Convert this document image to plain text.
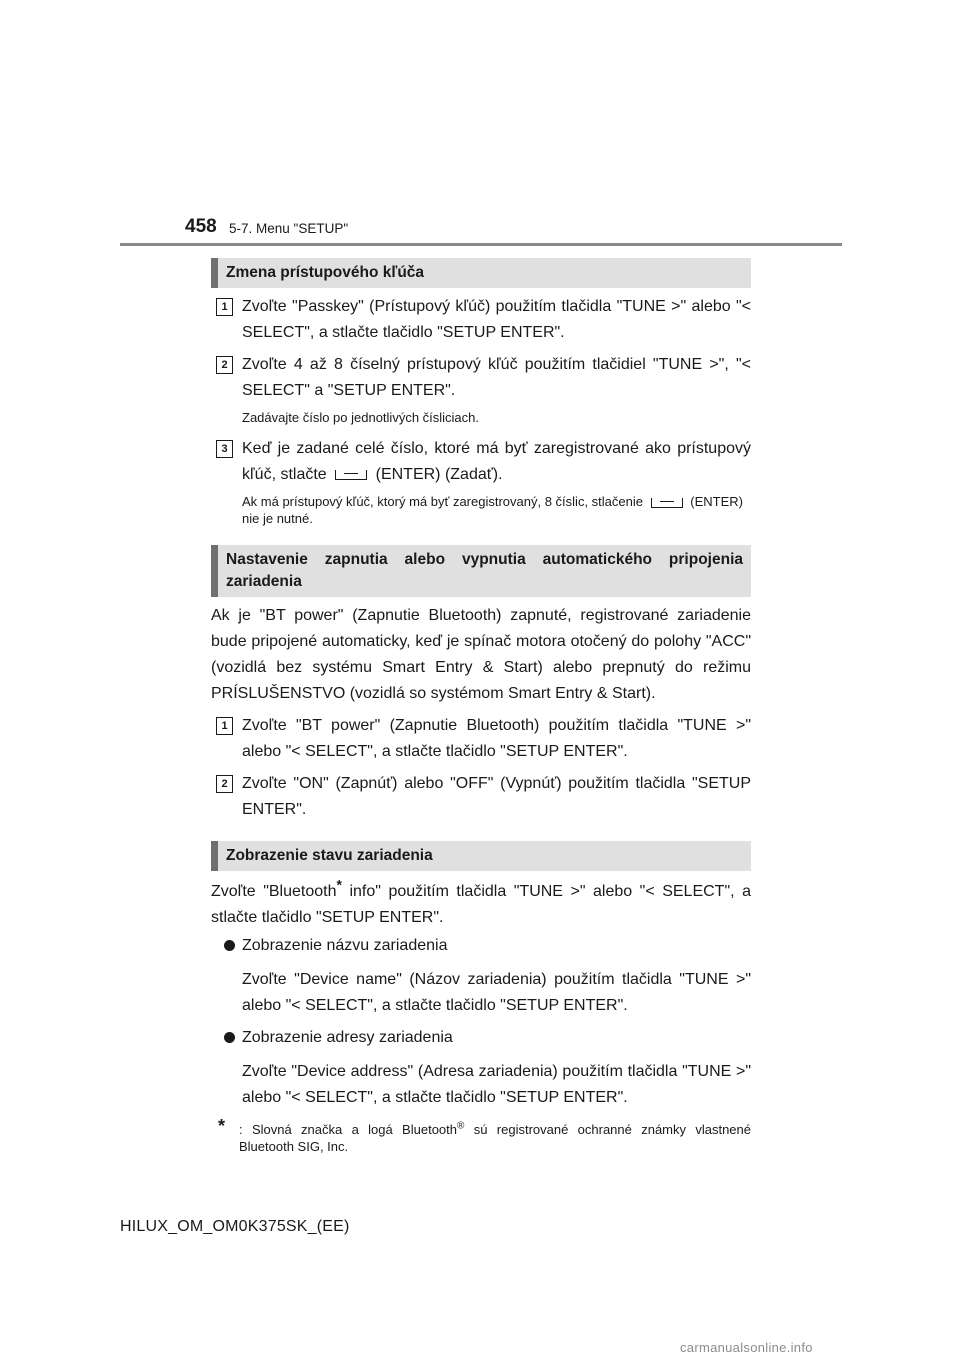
458 5-7. Menu "SETUP"
Zmena prístupového kľúča
1 Zvoľte "Passkey" (Prístupový kľúč) použitím tlačidla "TUNE >" alebo "< SELECT", a stlačte tlačidlo "SETUP ENTER".
2 Zvoľte 4 až 8 číselný prístupový kľúč použitím tlačidiel "TUNE >", "< SELECT" a "SETUP ENTER".
Zadávajte číslo po jednotlivých čísliciach.
3 Keď je zadané celé číslo, ktoré má byť zaregistrované ako prístupový kľúč, stlačte	(ENTER) (Zadať).
Ak má prístupový kľúč, ktorý má byť zaregistrovaný, 8 číslic, stlačenie	(ENTER) nie je nutné.
Nastavenie zapnutia alebo vypnutia automatického pripojenia zariadenia
Ak je "BT power" (Zapnutie Bluetooth) zapnuté, registrované zariadenie bude pripojené automaticky, keď je spínač motora otočený do polohy "ACC" (vozidlá bez systému Smart Entry & Start) alebo prepnutý do režimu PRÍSLUŠENSTVO (vozidlá so systémom Smart Entry & Start).
1 Zvoľte "BT power" (Zapnutie Bluetooth) použitím tlačidla "TUNE >" alebo "< SELECT", a stlačte tlačidlo "SETUP ENTER".
2 Zvoľte "ON" (Zapnúť) alebo "OFF" (Vypnúť) použitím tlačidla "SETUP ENTER".
Zobrazenie stavu zariadenia
Zvoľte "Bluetooth* info" použitím tlačidla "TUNE >" alebo "< SELECT", a stlačte tlačidlo "SETUP ENTER".
Zobrazenie názvu zariadenia
Zvoľte "Device name" (Názov zariadenia) použitím tlačidla "TUNE >" alebo "< SELECT", a stlačte tlačidlo "SETUP ENTER".
Zobrazenie adresy zariadenia
Zvoľte "Device address" (Adresa zariadenia) použitím tlačidla "TUNE >" alebo "< SELECT", a stlačte tlačidlo "SETUP ENTER".
* : Slovná značka a logá Bluetooth® sú registrované ochranné známky vlastnené Bluetooth SIG, Inc.
HILUX_OM_OM0K375SK_(EE)
carmanualsonline.info
